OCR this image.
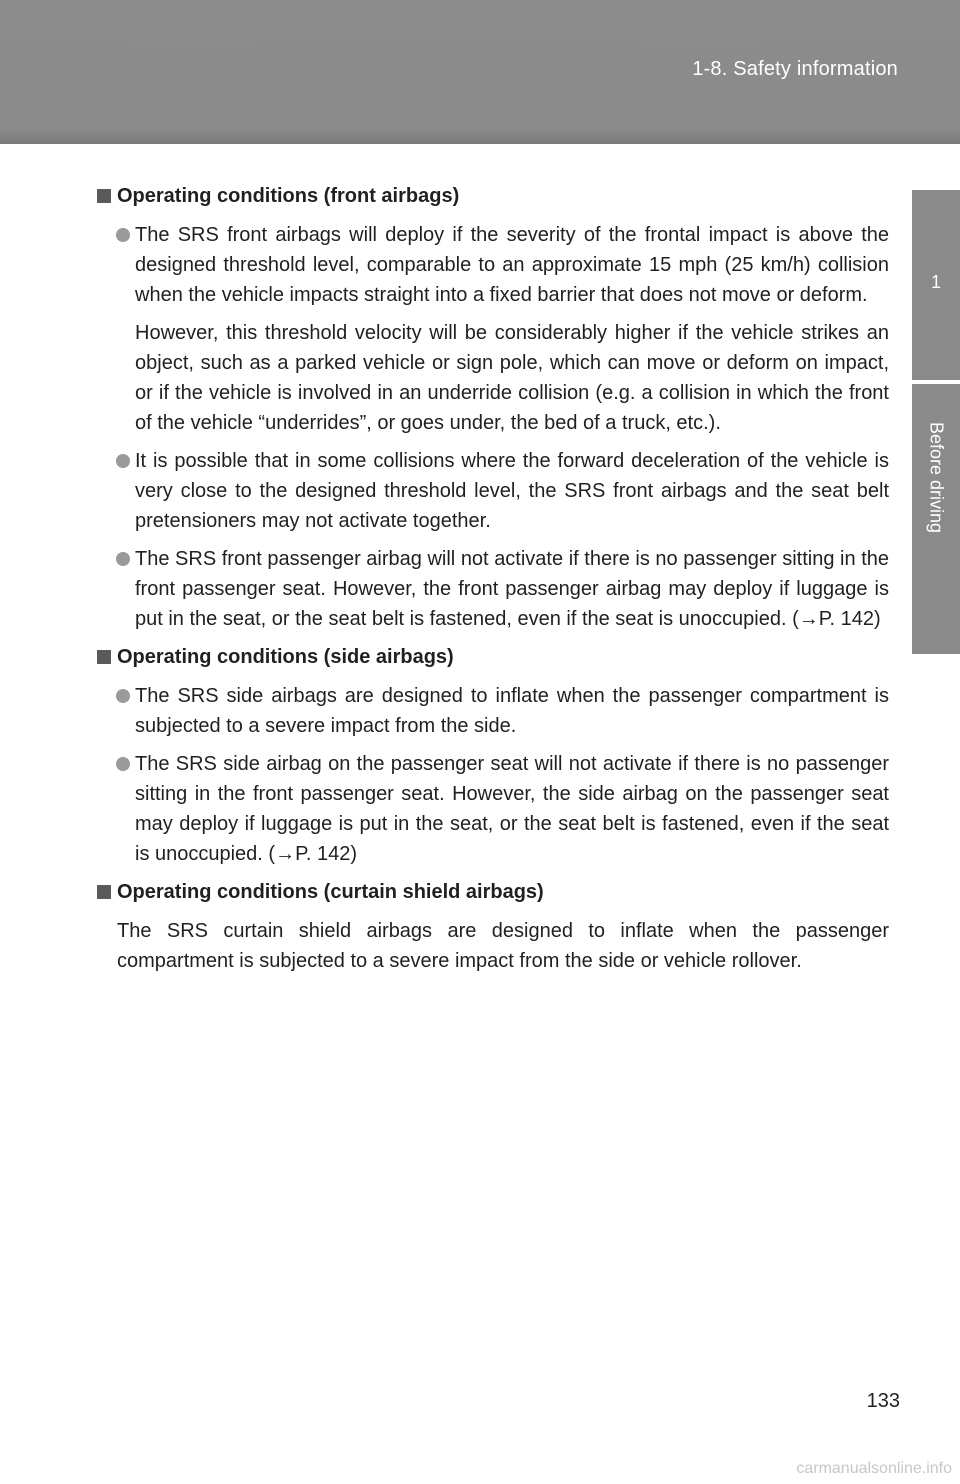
1-8. Safety information
1
Before driving
Operating conditions (front airbags)
The SRS front airbags will deploy if the severity of the frontal impact is above the designed threshold level, comparable to an approximate 15 mph (25 km/h) collision when the vehicle impacts straight into a fixed barrier that does not move or deform.
However, this threshold velocity will be considerably higher if the vehicle strikes an object, such as a parked vehicle or sign pole, which can move or deform on impact, or if the vehicle is involved in an underride collision (e.g. a collision in which the front of the vehicle “underrides”, or goes under, the bed of a truck, etc.).
It is possible that in some collisions where the forward deceleration of the vehicle is very close to the designed threshold level, the SRS front airbags and the seat belt pretensioners may not activate together.
The SRS front passenger airbag will not activate if there is no passenger sitting in the front passenger seat. However, the front passenger airbag may deploy if luggage is put in the seat, or the seat belt is fastened, even if the seat is unoccupied. (→P. 142)
Operating conditions (side airbags)
The SRS side airbags are designed to inflate when the passenger compartment is subjected to a severe impact from the side.
The SRS side airbag on the passenger seat will not activate if there is no passenger sitting in the front passenger seat. However, the side airbag on the passenger seat may deploy if luggage is put in the seat, or the seat belt is fastened, even if the seat is unoccupied. (→P. 142)
Operating conditions (curtain shield airbags)
The SRS curtain shield airbags are designed to inflate when the passenger compartment is subjected to a severe impact from the side or vehicle rollover.
133
carmanualsonline.info
